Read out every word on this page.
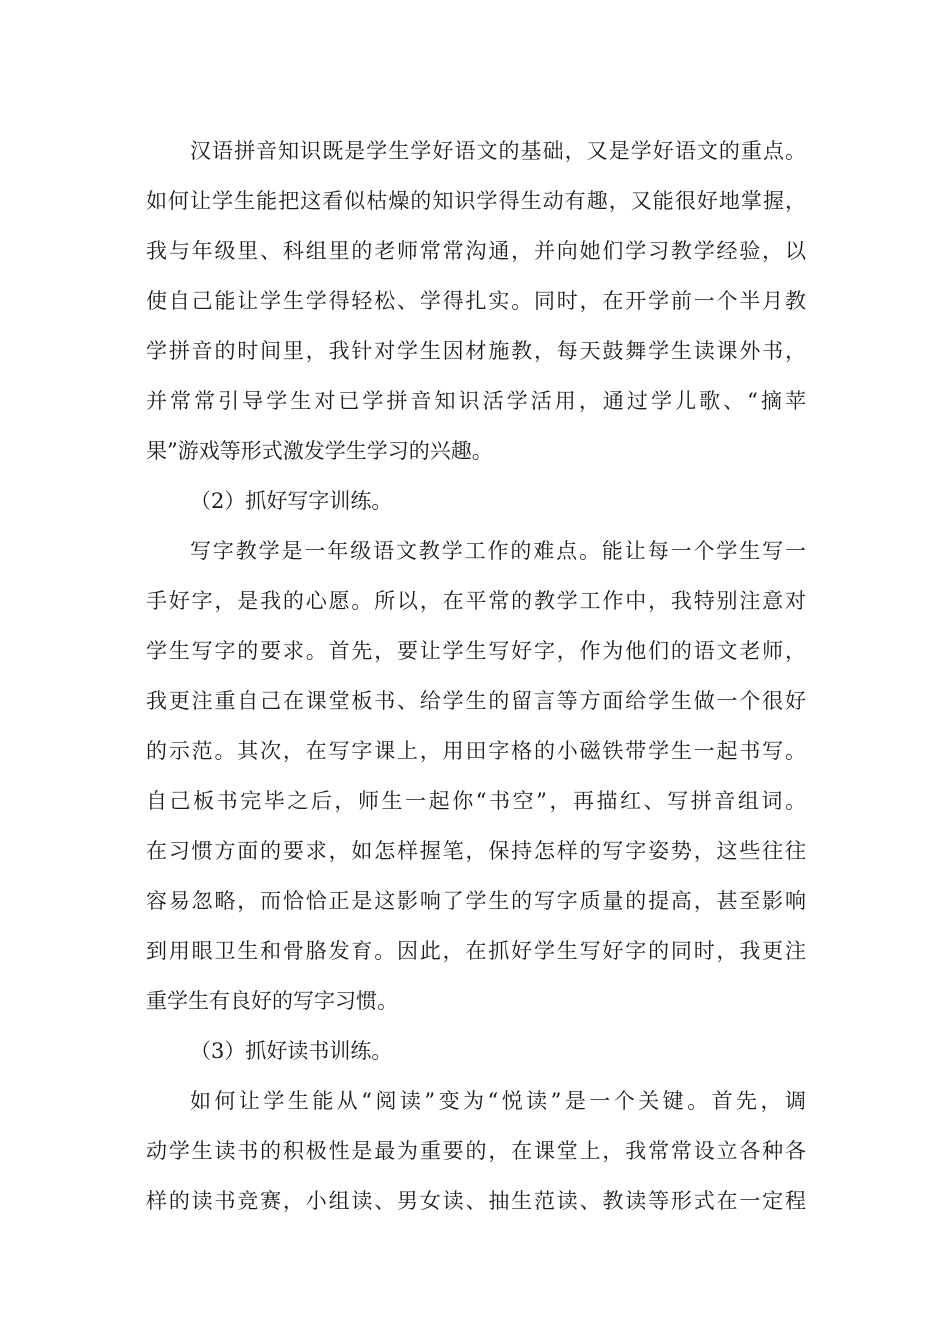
汉语拼音知识既是学生学好语文的基础，又是学好语文的重点。
如何让学生能把这看似枯燥的知识学得生动有趣，又能很好地掌握，
我与年级里、科组里的老师常常沟通，并向她们学习教学经验，以
使自己能让学生学得轻松、学得扎实。同时，在开学前一个半月教
学拼音的时间里，我针对学生因材施教，每天鼓舞学生读课外书，
并常常引导学生对已学拼音知识活学活用，通过学儿歌、“摘苹
果”游戏等形式激发学生学习的兴趣。
（2）抓好写字训练。
写字教学是一年级语文教学工作的难点。能让每一个学生写一
手好字，是我的心愿。所以，在平常的教学工作中，我特别注意对
学生写字的要求。首先，要让学生写好字，作为他们的语文老师，
我更注重自己在课堂板书、给学生的留言等方面给学生做一个很好
的示范。其次，在写字课上，用田字格的小磁铁带学生一起书写。
自己板书完毕之后，师生一起你“书空”，再描红、写拼音组词。
在习惯方面的要求，如怎样握笔，保持怎样的写字姿势，这些往往
容易忽略，而恰恰正是这影响了学生的写字质量的提高，甚至影响
到用眼卫生和骨胳发育。因此，在抓好学生写好字的同时，我更注
重学生有良好的写字习惯。
（3）抓好读书训练。
如何让学生能从“阅读”变为“悦读”是一个关键。首先，调
动学生读书的积极性是最为重要的，在课堂上，我常常设立各种各
样的读书竞赛，小组读、男女读、抽生范读、教读等形式在一定程
